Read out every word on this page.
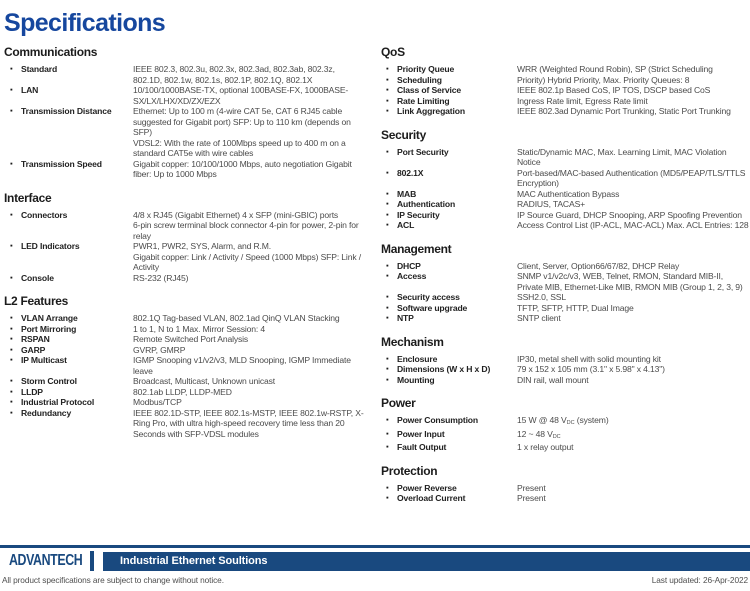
Specifications
Communications
▪ Standard	IEEE 802.3, 802.3u, 802.3x, 802.3ad, 802.3ab, 802.3z, 802.1D, 802.1w, 802.1s, 802.1P, 802.1Q, 802.1X
▪ LAN	10/100/1000BASE-TX, optional 100BASE-FX, 1000BASE-SX/LX/LHX/XD/ZX/EZX
▪ Transmission Distance	Ethernet: Up to 100 m (4-wire CAT 5e, CAT 6 RJ45 cable suggested for Gigabit port) SFP: Up to 110 km (depends on SFP)
VDSL2: With the rate of 100Mbps speed up to 400 m on a standard CAT5e with wire cables
▪ Transmission Speed	Gigabit copper: 10/100/1000 Mbps, auto negotiation Gigabit fiber: Up to 1000 Mbps
Interface
▪ Connectors	4/8 x RJ45 (Gigabit Ethernet) 4 x SFP (mini-GBIC) ports
6-pin screw terminal block connector 4-pin for power, 2-pin for relay
▪ LED Indicators	PWR1, PWR2, SYS, Alarm, and R.M.
Gigabit copper: Link / Activity / Speed (1000 Mbps) SFP: Link / Activity
▪ Console	RS-232 (RJ45)
L2 Features
▪ VLAN Arrange	802.1Q Tag-based VLAN, 802.1ad QinQ VLAN Stacking
▪ Port Mirroring	1 to 1, N to 1 Max. Mirror Session: 4
▪ RSPAN	Remote Switched Port Analysis
▪ GARP	GVRP, GMRP
▪ IP Multicast	IGMP Snooping v1/v2/v3, MLD Snooping, IGMP Immediate leave
▪ Storm Control	Broadcast, Multicast, Unknown unicast
▪ LLDP	802.1ab LLDP, LLDP-MED
▪ Industrial Protocol	Modbus/TCP
▪ Redundancy	IEEE 802.1D-STP, IEEE 802.1s-MSTP, IEEE 802.1w-RSTP, X-Ring Pro, with ultra high-speed recovery time less than 20 Seconds with SFP-VDSL modules
QoS
▪ Priority Queue	WRR (Weighted Round Robin), SP (Strict Scheduling
▪ Scheduling	Priority) Hybrid Priority, Max. Priority Queues: 8
▪ Class of Service	IEEE 802.1p Based CoS, IP TOS, DSCP based CoS
▪ Rate Limiting	Ingress Rate limit, Egress Rate limit
▪ Link Aggregation	IEEE 802.3ad Dynamic Port Trunking, Static Port Trunking
Security
▪ Port Security	Static/Dynamic MAC, Max. Learning Limit, MAC Violation Notice
▪ 802.1X	Port-based/MAC-based Authentication (MD5/PEAP/TLS/TTLS Encryption)
▪ MAB	MAC Authentication Bypass
▪ Authentication	RADIUS, TACAS+
▪ IP Security	IP Source Guard, DHCP Snooping, ARP Spoofing Prevention
▪ ACL	Access Control List (IP-ACL, MAC-ACL) Max. ACL Entries: 128
Management
▪ DHCP	Client, Server, Option66/67/82, DHCP Relay
▪ Access	SNMP v1/v2c/v3, WEB, Telnet, RMON, Standard MIB-II, Private MIB, Ethernet-Like MIB, RMON MIB (Group 1, 2, 3, 9)
▪ Security access	SSH2.0, SSL
▪ Software upgrade	TFTP, SFTP, HTTP, Dual Image
▪ NTP	SNTP client
Mechanism
▪ Enclosure	IP30, metal shell with solid mounting kit
▪ Dimensions (W x H x D)	79 x 152 x 105 mm (3.1" x 5.98" x 4.13")
▪ Mounting	DIN rail, wall mount
Power
▪ Power Consumption	15 W @ 48 $V_{DC}$ (system)
▪ Power Input	12 ~ 48 $V_{DC}$
▪ Fault Output	1 x relay output
Protection
▪ Power Reverse	Present
▪ Overload Current	Present
ADVANTECH	Industrial Ethernet Soultions
All product specifications are subject to change without notice.	Last updated: 26-Apr-2022
